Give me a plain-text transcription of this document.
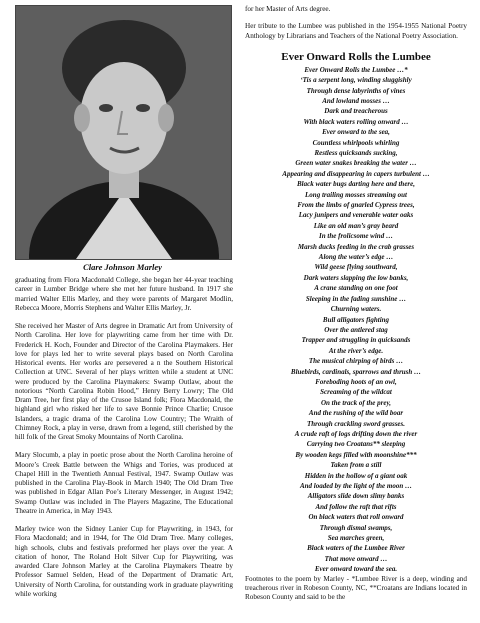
Clare Johnson Marley

graduating from Flora Macdonald College, she began her 44-year teaching career in Lumber Bridge where she met her future husband. In 1917 she married Walter Ellis Marley, and they were parents of Margaret Modlin, Rebecca Moore, Morris Stephens and Walter Ellis Marley, Jr.

She received her Master of Arts degree in Dramatic Art from University of North Carolina. Her love for playwriting came from her time with Dr. Frederick H. Koch, Founder and Director of the Carolina Playmakers. Her love for plays led her to write several plays based on North Carolina Historical events. Her works are persevered a n the Southern Historical Collection at UNC. Several of her plays written while a student at UNC were produced by the Carolina Playmakers: Swamp Outlaw, about the notorious “North Carolina Robin Hood,” Henry Berry Lowry; The Old Dram Tree, her first play of the Crusoe Island folk; Flora Macdonald, the highland girl who risked her life to save Bonnie Prince Charlie; Crusoe Islanders, a tragic drama of the Carolina Low Country; The Wraith of Chimney Rock, a play in verse, drawn from a legend, still cherished by the hill folk of the Great Smoky Mountains of North Carolina.

Mary Slocumb, a play in poetic prose about the North Carolina heroine of Moore’s Creek Battle between the Whigs and Tories, was produced at Chapel Hill in the Twentieth Annual Festival, 1947. Swamp Outlaw was published in the Carolina Play-Book in March 1940; The Old Dram Tree was published in Edgar Allan Poe’s Literary Messenger, in August 1942; Swamp Outlaw was included in The Players Magazine, The Educational Theatre in America, in May 1943.

Marley twice won the Sidney Lanier Cup for Playwriting, in 1943, for Flora Macdonald; and in 1944, for The Old Dram Tree. Many colleges, high schools, clubs and festivals preformed her plays over the year. A citation of honor, The Roland Holt Silver Cup for Playwriting, was awarded Clare Johnson Marley at the Carolina Playmakers Theatre by Professor Samuel Selden, Head of the Department of Dramatic Art, University of North Carolina, for outstanding work in graduate playwriting while working

for her Master of Arts degree.

Her tribute to the Lumbee was published in the 1954-1955 National Poetry Anthology by Librarians and Teachers of the National Poetry Association.

Ever Onward Rolls the Lumbee
Ever Onward Rolls the Lumbee …*
‘Tis a serpent long, winding sluggishly
Through dense labyrinths of vines
And lowland mosses …
Dark and treacherous
With black waters rolling onward …
Ever onward to the sea,
Countless whirlpools whirling
Restless quicksands sucking,
Green water snakes breaking the water …
Appearing and disappearing in capers turbulent …
Black water bugs darting here and there,
Long trailing mosses streaming out
From the limbs of gnarled Cypress trees,
Lacy junipers and venerable water oaks
Like an old man’s gray beard
In the frolicsome wind …
Marsh ducks feeding in the crab grasses
Along the water’s edge …
Wild geese flying southward,
Dark waters slapping the low banks,
A crane standing on one foot
Sleeping in the fading sunshine …
Churning waters.
Bull alligators fighting
Over the antlered stag
Trapper and struggling in quicksands
At the river’s edge.
The musical chirping of birds …
Bluebirds, cardinals, sparrows and thrush …
Foreboding hoots of an owl,
Screaming of the wildcat
On the track of the prey,
And the rushing of the wild boar
Through crackling sword grasses.
A crude raft of logs drifting down the river
Carrying two Croatans** sleeping
By wooden kegs filled with moonshine***
Taken from a still
Hidden in the hollow of a giant oak
And loaded by the light of the moon …
Alligators slide down slimy banks
And follow the raft that rifts
On black waters that roll onward
Through dismal swamps,
Sea marches green,
Black waters of the Lumbee River
That move onward …
Ever onward toward the sea.

Footnotes to the poem by Marley - *Lumbee River is a deep, winding and treacherous river in Robeson County, NC, **Croatans are Indians located in Robeson County and said to be the
